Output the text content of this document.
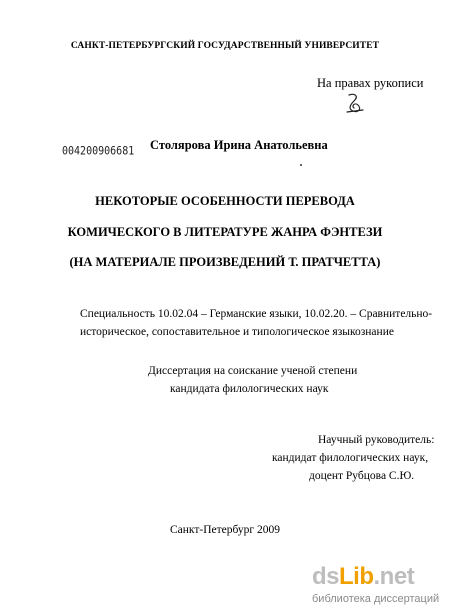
САНКТ-ПЕТЕРБУРГСКИЙ ГОСУДАРСТВЕННЫЙ УНИВЕРСИТЕТ
На правах рукописи
004200906681 Столярова Ирина Анатольевна
НЕКОТОРЫЕ ОСОБЕННОСТИ ПЕРЕВОДА
КОМИЧЕСКОГО В ЛИТЕРАТУРЕ ЖАНРА ФЭНТЕЗИ
(НА МАТЕРИАЛЕ ПРОИЗВЕДЕНИЙ Т. ПРАТЧЕТТА)
Специальность 10.02.04 – Германские языки, 10.02.20. – Сравнительно-
историческое, сопоставительное и типологическое языкознание
Диссертация на соискание ученой степени
кандидата филологических наук
Научный руководитель:
кандидат филологических наук,
доцент Рубцова С.Ю.
Санкт-Петербург 2009
dsLib.net
библиотека диссертаций
